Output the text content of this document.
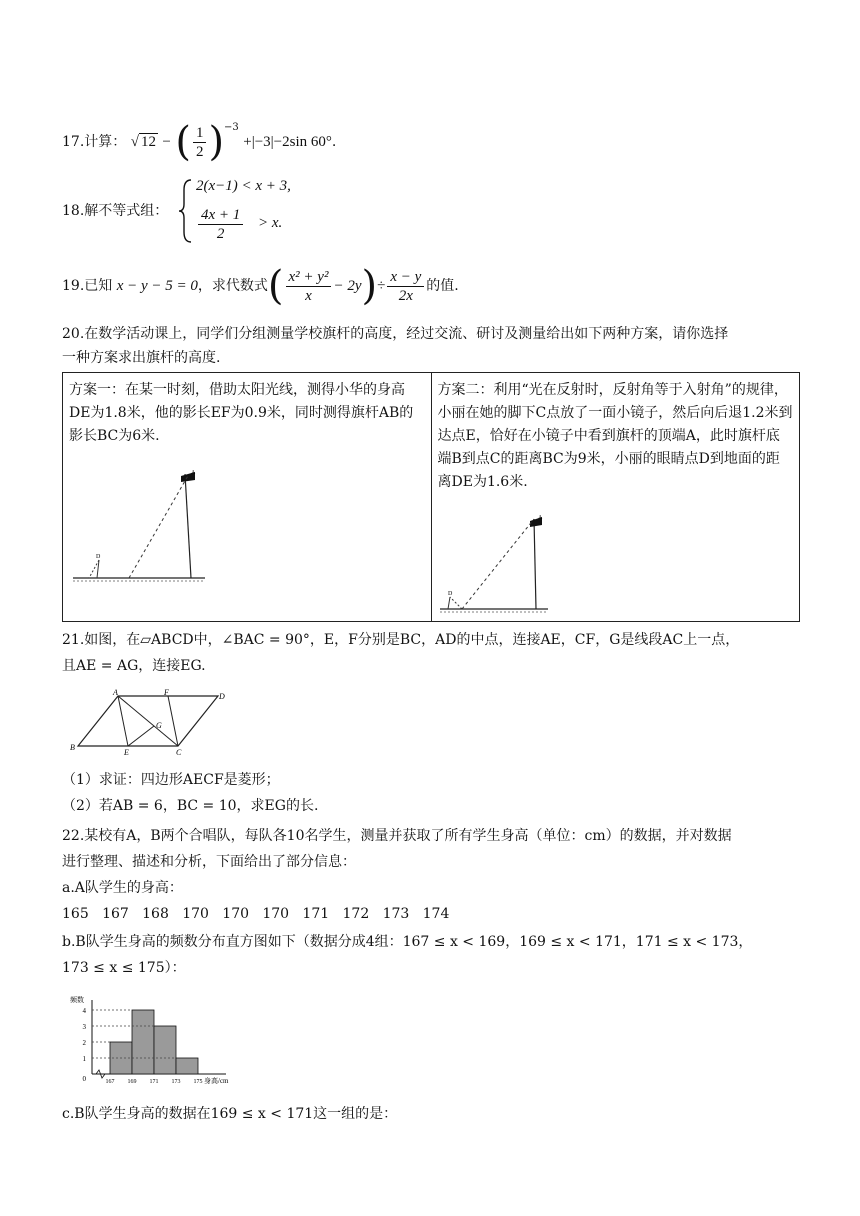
17.计算： √ 12 − ( $\frac{1}{2} )^{-3} +|-3|-2\sin$ 60°.
18.解不等式组：
2(x−1) < x + 3,
$\frac{4x + 1}{2} > x$.
19.已知 x − y − 5 = 0，求代数式( $\frac{\text{x² + y²}}{x} - 2y)\div \frac{x - y}{2x}$ 的值.
20.在数学活动课上，同学们分组测量学校旗杆的高度，经过交流、研讨及测量给出如下两种方案，请你选择
一种方案求出旗杆的高度.
方案一：在某一时刻，借助太阳光线，测得小华的身高DE为1.8米，他的影长EF为0.9米，同时测得旗杆AB的影长BC为6米.
D
A

方案二：利用“光在反射时，反射角等于入射角”的规律，小丽在她的脚下C点放了一面小镜子，然后向后退1.2米到达点E，恰好在小镜子中看到旗杆的顶端A，此时旗杆底端B到点C的距离BC为9米，小丽的眼睛点D到地面的距离DE为1.6米.
D
A
21.如图，在▱ABCD中，∠BAC = 90°，E，F分别是BC，AD的中点，连接AE，CF，G是线段AC上一点，
且AE = AG，连接EG.
A	F	D
G
B
E	C
（1）求证：四边形AECF是菱形；
（2）若AB = 6，BC = 10，求EG的长.
22.某校有A，B两个合唱队，每队各10名学生，测量并获取了所有学生身高（单位：cm）的数据，并对数据
进行整理、描述和分析，下面给出了部分信息：
a.A队学生的身高：
165   167   168   170   170   170   171   172   173   174
b.B队学生身高的频数分布直方图如下（数据分成4组：167 ≤ x < 169，169 ≤ x < 171，171 ≤ x < 173，
173 ≤ x ≤ 175）：
1
2
3
4
167 169 171 173 175
0
频数
身高/cm
c.B队学生身高的数据在169 ≤ x < 171这一组的是：
